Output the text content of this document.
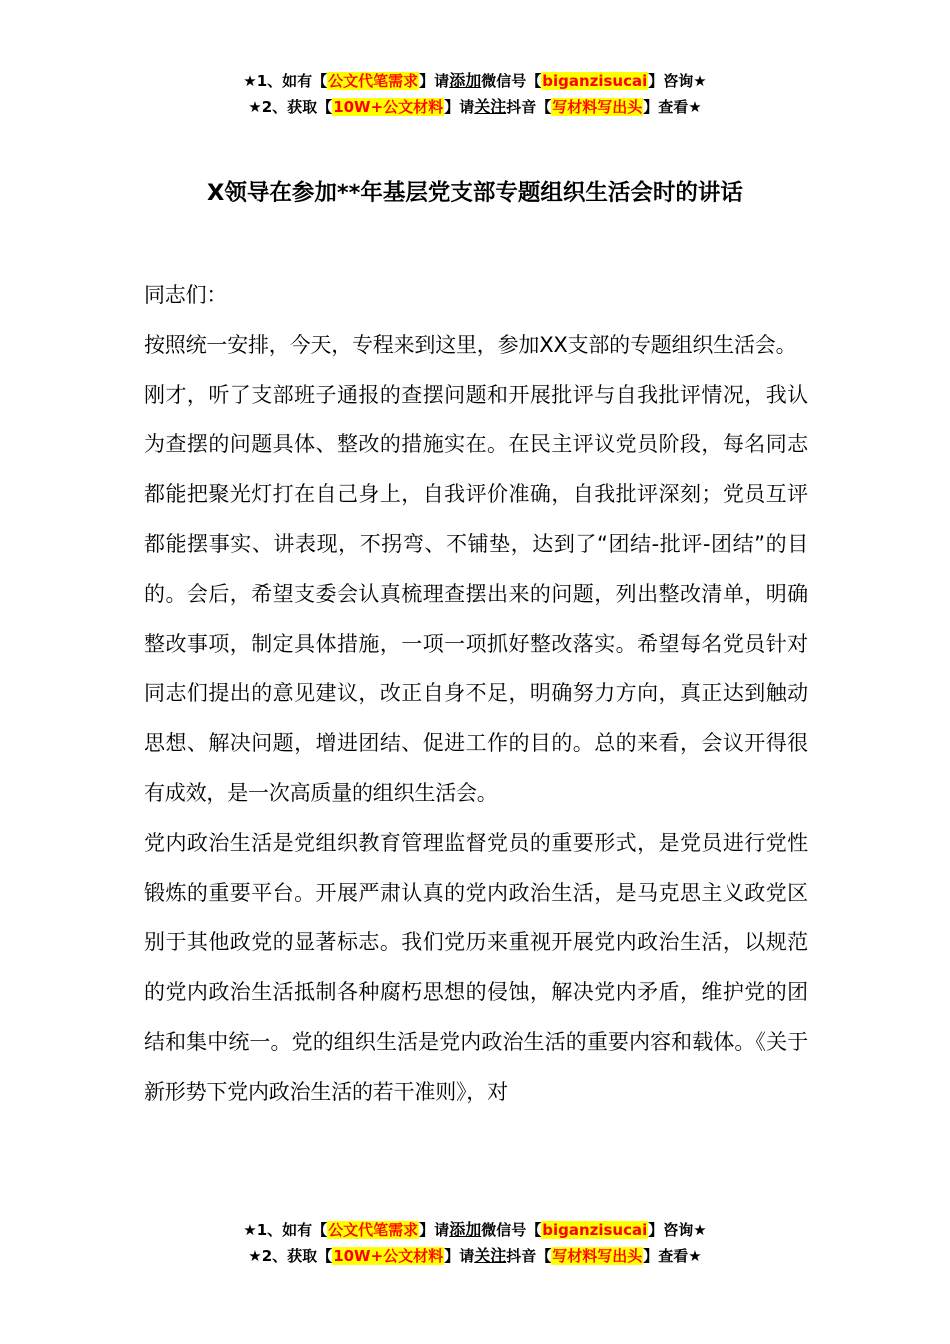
★1、如有【公文代笔需求】请添加微信号【biganzisucai】咨询★
★2、获取【10W+公文材料】请关注抖音【写材料写出头】查看★
X领导在参加**年基层党支部专题组织生活会时的讲话

同志们：

按照统一安排，今天，专程来到这里，参加XX支部的专题组织生活会。

刚才，听了支部班子通报的查摆问题和开展批评与自我批评情况，我认为查摆的问题具体、整改的措施实在。在民主评议党员阶段，每名同志都能把聚光灯打在自己身上，自我评价准确，自我批评深刻；党员互评都能摆事实、讲表现，不拐弯、不铺垫，达到了“团结-批评-团结”的目的。会后，希望支委会认真梳理查摆出来的问题，列出整改清单，明确整改事项，制定具体措施，一项一项抓好整改落实。希望每名党员针对同志们提出的意见建议，改正自身不足，明确努力方向，真正达到触动思想、解决问题，增进团结、促进工作的目的。总的来看，会议开得很有成效，是一次高质量的组织生活会。

党内政治生活是党组织教育管理监督党员的重要形式，是党员进行党性锻炼的重要平台。开展严肃认真的党内政治生活，是马克思主义政党区别于其他政党的显著标志。我们党历来重视开展党内政治生活，以规范的党内政治生活抵制各种腐朽思想的侵蚀，解决党内矛盾，维护党的团结和集中统一。党的组织生活是党内政治生活的重要内容和载体。《关于新形势下党内政治生活的若干准则》，对

★1、如有【公文代笔需求】请添加微信号【biganzisucai】咨询★
★2、获取【10W+公文材料】请关注抖音【写材料写出头】查看★
